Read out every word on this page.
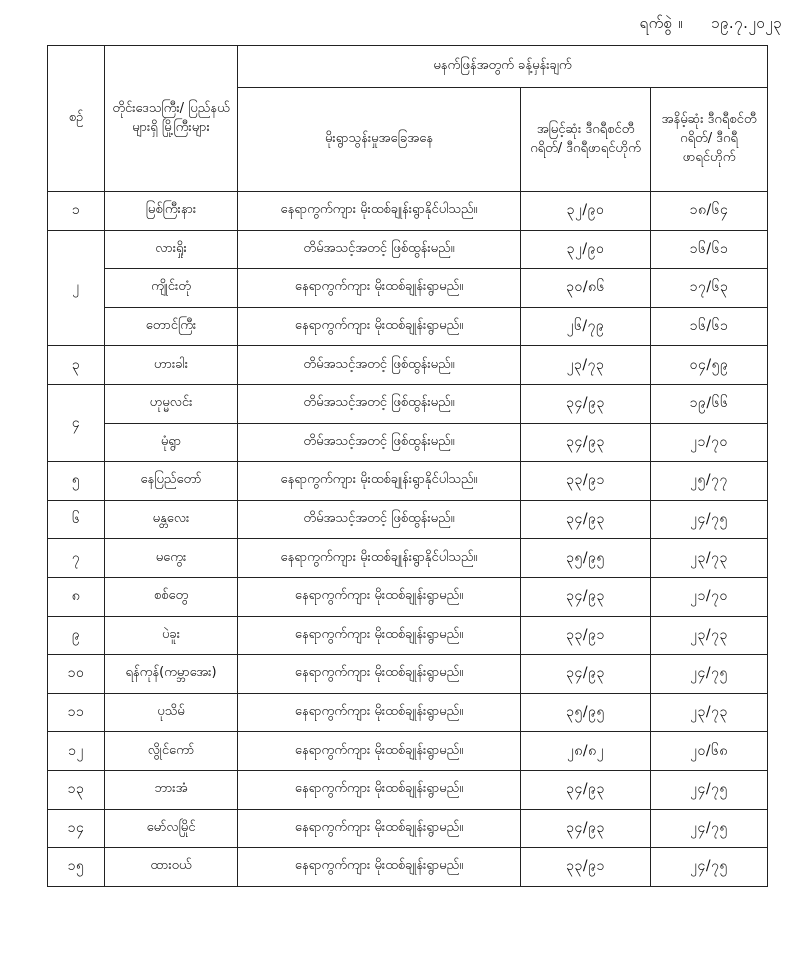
ရက်စွဲ ။ ၁၉.၇.၂၀၂၃
စဉ်	တိုင်းဒေသကြီး/ ပြည်နယ်များရှိ မြို့ကြီးများ	မနက်ဖြန်အတွက် ခန့်မှန်းချက်		
		မိုးရွာသွန်းမှုအခြေအနေ	အမြင့်ဆုံး ဒီဂရီစင်တီဂရိတ်/ ဒီဂရီဖာရင်ဟိုက်	အနိမ့်ဆုံး ဒီဂရီစင်တီဂရိတ်/ ဒီဂရီဖာရင်ဟိုက်
၁	မြစ်ကြီးနား	နေရာကွက်ကျား မိုးထစ်ချုန်းရွာနိုင်ပါသည်။	၃၂/၉၀	၁၈/၆၄
၂	လားရှိုး	တိမ်အသင့်အတင့် ဖြစ်ထွန်းမည်။	၃၂/၉၀	၁၆/၆၁
	ကျိုင်းတုံ	နေရာကွက်ကျား မိုးထစ်ချုန်းရွာမည်။	၃၀/၈၆	၁၇/၆၃
	တောင်ကြီး	နေရာကွက်ကျား မိုးထစ်ချုန်းရွာမည်။	၂၆/၇၉	၁၆/၆၁
၃	ဟားခါး	တိမ်အသင့်အတင့် ဖြစ်ထွန်းမည်။	၂၃/၇၃	၀၄/၅၉
၄	ဟုမ္မလင်း	တိမ်အသင့်အတင့် ဖြစ်ထွန်းမည်။	၃၄/၉၃	၁၉/၆၆
	မုံရွာ	တိမ်အသင့်အတင့် ဖြစ်ထွန်းမည်။	၃၄/၉၃	၂၁/၇၀
၅	နေပြည်တော်	နေရာကွက်ကျား မိုးထစ်ချုန်းရွာနိုင်ပါသည်။	၃၃/၉၁	၂၅/၇၇
၆	မန္တလေး	တိမ်အသင့်အတင့် ဖြစ်ထွန်းမည်။	၃၄/၉၃	၂၄/၇၅
၇	မကွေး	နေရာကွက်ကျား မိုးထစ်ချုန်းရွာနိုင်ပါသည်။	၃၅/၉၅	၂၃/၇၃
၈	စစ်တွေ	နေရာကွက်ကျား မိုးထစ်ချုန်းရွာမည်။	၃၄/၉၃	၂၁/၇၀
၉	ပဲခူး	နေရာကွက်ကျား မိုးထစ်ချုန်းရွာမည်။	၃၃/၉၁	၂၃/၇၃
၁၀	ရန်ကုန်(ကမ္ဘာအေး)	နေရာကွက်ကျား မိုးထစ်ချုန်းရွာမည်။	၃၄/၉၃	၂၄/၇၅
၁၁	ပုသိမ်	နေရာကွက်ကျား မိုးထစ်ချုန်းရွာမည်။	၃၅/၉၅	၂၃/၇၃
၁၂	လွိုင်ကော်	နေရာကွက်ကျား မိုးထစ်ချုန်းရွာမည်။	၂၈/၈၂	၂၀/၆၈
၁၃	ဘားအံ	နေရာကွက်ကျား မိုးထစ်ချုန်းရွာမည်။	၃၄/၉၃	၂၄/၇၅
၁၄	မော်လမြိုင်	နေရာကွက်ကျား မိုးထစ်ချုန်းရွာမည်။	၃၄/၉၃	၂၄/၇၅
၁၅	ထားဝယ်	နေရာကွက်ကျား မိုးထစ်ချုန်းရွာမည်။	၃၃/၉၁	၂၄/၇၅
